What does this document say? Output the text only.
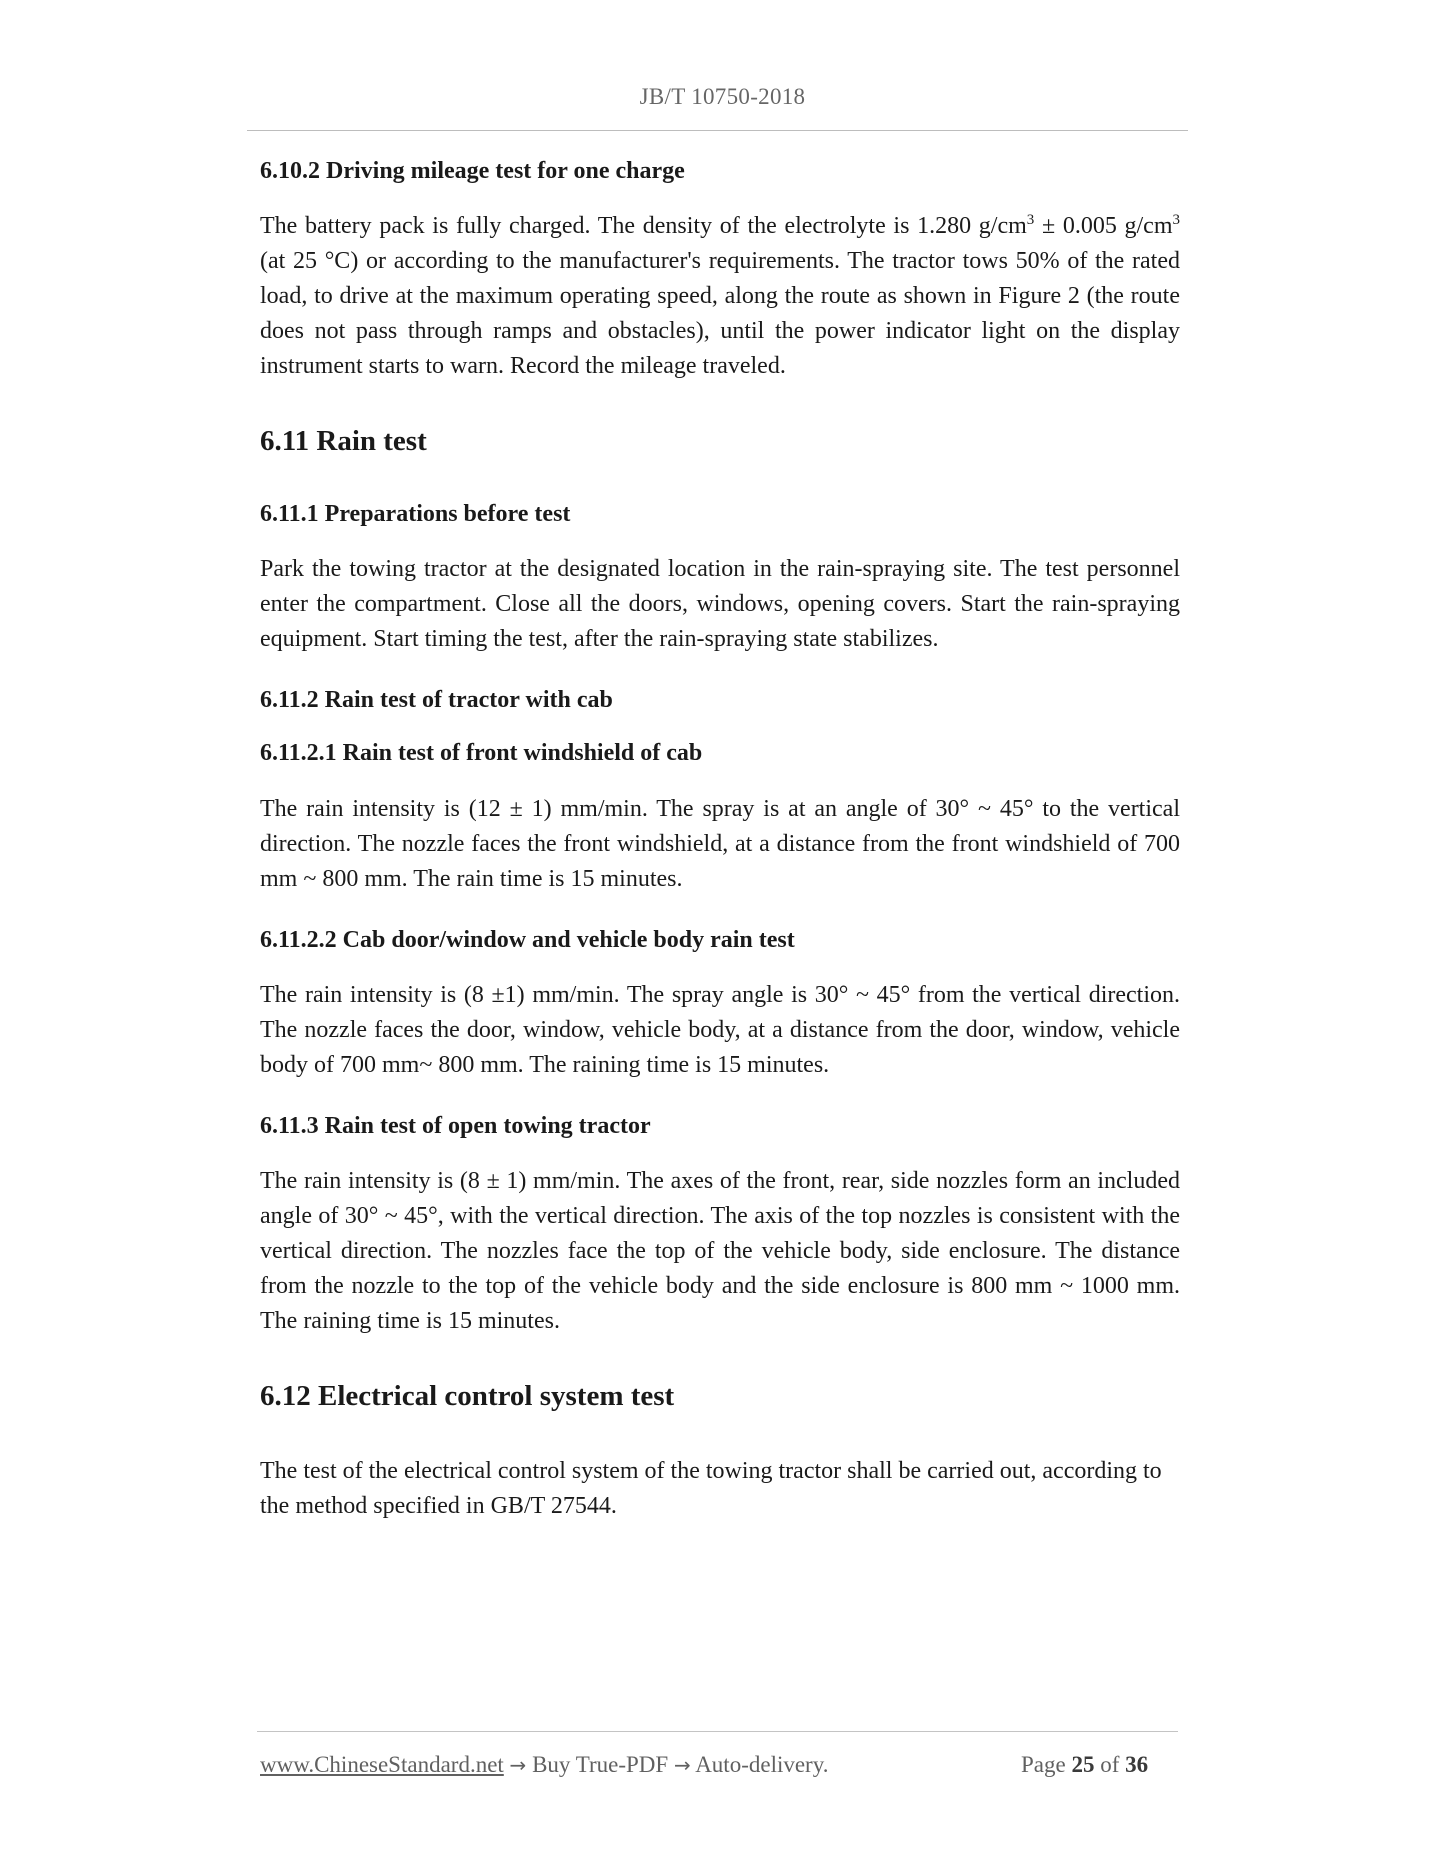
JB/T 10750-2018
6.10.2 Driving mileage test for one charge

The battery pack is fully charged. The density of the electrolyte is 1.280 $g/cm^3 \pm 0.005$ $g/cm^3$ (at 25 °C) or according to the manufacturer's requirements. The tractor tows 50% of the rated load, to drive at the maximum operating speed, along the route as shown in Figure 2 (the route does not pass through ramps and obstacles), until the power indicator light on the display instrument starts to warn. Record the mileage traveled.

6.11 Rain test
6.11.1 Preparations before test

Park the towing tractor at the designated location in the rain-spraying site. The test personnel enter the compartment. Close all the doors, windows, opening covers. Start the rain-spraying equipment. Start timing the test, after the rain-spraying state stabilizes.

6.11.2 Rain test of tractor with cab
6.11.2.1 Rain test of front windshield of cab

The rain intensity is (12 ± 1) mm/min. The spray is at an angle of 30° ~ 45° to the vertical direction. The nozzle faces the front windshield, at a distance from the front windshield of 700 mm ~ 800 mm. The rain time is 15 minutes.

6.11.2.2 Cab door/window and vehicle body rain test

The rain intensity is (8 ±1) mm/min. The spray angle is 30° ~ 45° from the vertical direction. The nozzle faces the door, window, vehicle body, at a distance from the door, window, vehicle body of 700 mm~ 800 mm. The raining time is 15 minutes.

6.11.3 Rain test of open towing tractor

The rain intensity is (8 ± 1) mm/min. The axes of the front, rear, side nozzles form an included angle of 30° ~ 45°, with the vertical direction. The axis of the top nozzles is consistent with the vertical direction. The nozzles face the top of the vehicle body, side enclosure. The distance from the nozzle to the top of the vehicle body and the side enclosure is 800 mm ~ 1000 mm. The raining time is 15 minutes.

6.12 Electrical control system test

The test of the electrical control system of the towing tractor shall be carried out, according to the method specified in GB/T 27544.

www.ChineseStandard.net → Buy True-PDF → Auto-delivery.	Page 25 of 36
